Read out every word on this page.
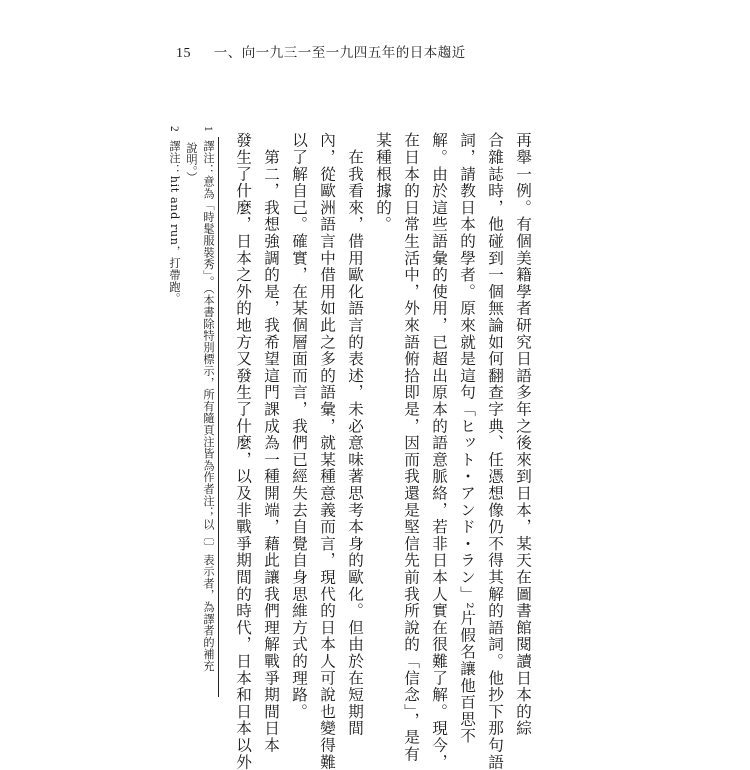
15 一、向一九三一至一九四五年的日本趨近
再舉一例。有個美籍學者研究日語多年之後來到日本，某天在圖書館閱讀日本的綜
合雜誌時，他碰到一個無論如何翻查字典、任憑想像仍不得其解的語詞。他抄下那句語
詞，請教日本的學者。原來就是這句「ヒット・アンド・ラン」²片假名讓他百思不
解。由於這些語彙的使用，已超出原本的語意脈絡，若非日本人實在很難了解。現今，
在日本的日常生活中，外來語俯拾即是，因而我還是堅信先前我所說的「信念」，是有
某種根據的。
　在我看來，借用歐化語言的表述，未必意味著思考本身的歐化。但由於在短期間
內，從歐洲語言中借用如此之多的語彙，就某種意義而言，現代的日本人可說也變得難
以了解自己。確實，在某個層面而言，我們已經失去自覺自身思維方式的理路。
　第二，我想強調的是，我希望這門課成為一種開端，藉此讓我們理解戰爭期間日本
發生了什麼，日本之外的地方又發生了什麼，以及非戰爭期間的時代，日本和日本以外
1 譯注：意為「時髦服裝秀」。（本書除特別標示，所有隨頁注皆為作者注；以〔〕表示者，為譯者的補充
說明。）
2 譯注：hit and run，打帶跑。
